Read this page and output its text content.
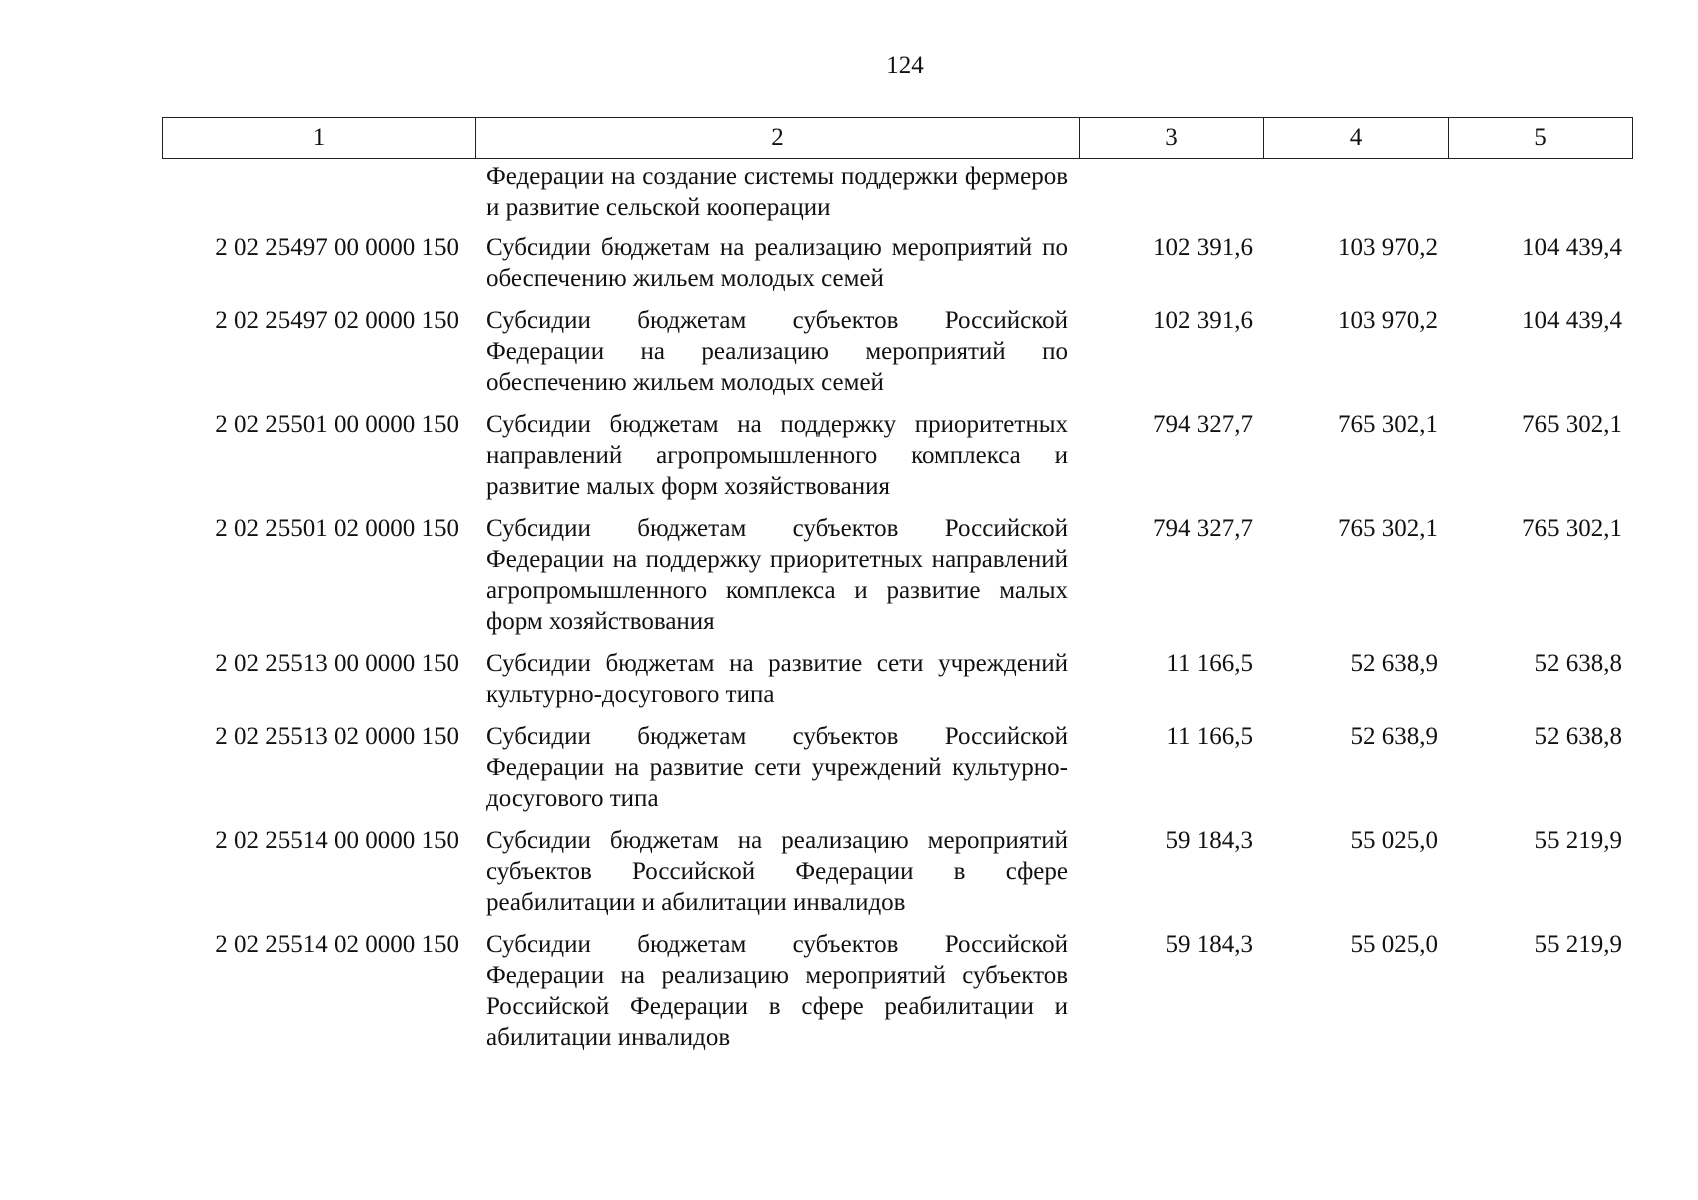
124
1	2	3	4	5
	Федерации на создание системы поддержки фермеров и развитие сельской кооперации			
2 02 25497 00 0000 150	Субсидии бюджетам на реализацию мероприятий по обеспечению жильем молодых семей	102 391,6	103 970,2	104 439,4
2 02 25497 02 0000 150	Субсидии бюджетам субъектов Российской Федерации на реализацию мероприятий по обеспечению жильем молодых семей	102 391,6	103 970,2	104 439,4
2 02 25501 00 0000 150	Субсидии бюджетам на поддержку приоритетных направлений агропромышленного комплекса и развитие малых форм хозяйствования	794 327,7	765 302,1	765 302,1
2 02 25501 02 0000 150	Субсидии бюджетам субъектов Российской Федерации на поддержку приоритетных направлений агропромышленного комплекса и развитие малых форм хозяйствования	794 327,7	765 302,1	765 302,1
2 02 25513 00 0000 150	Субсидии бюджетам на развитие сети учреждений культурно-досугового типа	11 166,5	52 638,9	52 638,8
2 02 25513 02 0000 150	Субсидии бюджетам субъектов Российской Федерации на развитие сети учреждений культурно-досугового типа	11 166,5	52 638,9	52 638,8
2 02 25514 00 0000 150	Субсидии бюджетам на реализацию мероприятий субъектов Российской Федерации в сфере реабилитации и абилитации инвалидов	59 184,3	55 025,0	55 219,9
2 02 25514 02 0000 150	Субсидии бюджетам субъектов Российской Федерации на реализацию мероприятий субъектов Российской Федерации в сфере реабилитации и абилитации инвалидов	59 184,3	55 025,0	55 219,9
